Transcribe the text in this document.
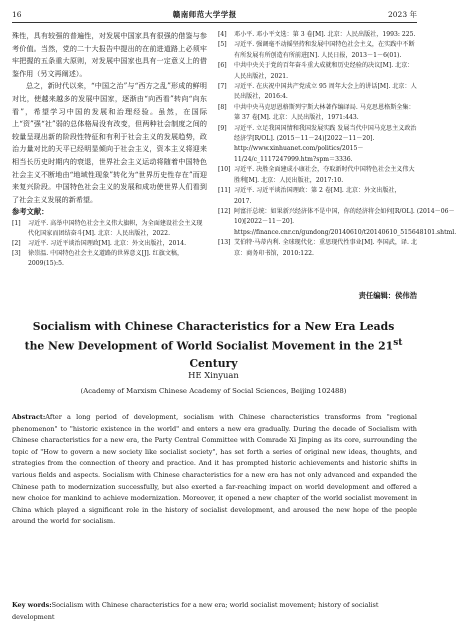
16	赣南师范大学学报	2023 年

殊性，具有较强的普遍性，对发展中国家具有很强的借鉴与参考价值。当然，党的二十大报告中提出的在前进道路上必须牢牢把握的五条重大原则，对发展中国家也具有一定意义上的借鉴作用（另文再阐述）。

总之，新时代以来，“中国之治”与“西方之乱”形成的鲜明对比，使越来越多的发展中国家，逐渐由“向西看”转向“向东看”，希望学习中国的发展和治理经验。虽然，在国际上“资”强“社”弱的总体格局没有改变，但两种社会制度之间的较量呈现出新的阶段性特征和有利于社会主义的发展趋势，政治力量对比的天平已经明显倾向于社会主义，资本主义将迎来相当长历史时期内的衰退，世界社会主义运动将随着中国特色社会主义不断地由“地域性现象”转化为“世界历史性存在”而迎来复兴阶段。中国特色社会主义的发展和成功使世界人们看到了社会主义发展的新希望。

参考文献：

[1]	习近平. 高举中国特色社会主义伟大旗帜，为全面建设社会主义现代化国家而团结奋斗[M]. 北京：人民出版社，2022.
[2]	习近平. 习近平谈治国理政[M]. 北京：外文出版社，2014.
[3]	徐崇温. 中国特色社会主义道路的世界意义[J]. 红旗文稿，2009(15):5.
[4]	邓小平. 邓小平文选：第 3 卷[M]. 北京：人民出版社，1993: 225.
[5]	习近平. 强调毫不动摇坚持和发展中国特色社会主义，在实践中不断有所发展有所创造有所前进[N]. 人民日报，2013－1－6(01).
[6]	中共中央关于党的百年奋斗重大成就和历史经验的决议[M]. 北京：人民出版社，2021.
[7]	习近平. 在庆祝中国共产党成立 95 周年大会上的讲话[M]. 北京：人民出版社，2016:4.
[8]	中共中央马克思恩格斯列宁斯大林著作编译局. 马克思恩格斯全集：第 37 卷[M]. 北京：人民出版社，1971:443.
[9]	习近平. 立足我国国情和我国发展实践 发展当代中国马克思主义政治经济学[R/OL]. (2015－11－24)[2022－11－20]. http://www.xinhuanet.com/politics/2015－11/24/c_1117247999.htm?spm＝3336.
[10] 习近平. 决胜全面建成小康社会，夺取新时代中国特色社会主义伟大胜利[M]. 北京：人民出版社，2017:10.
[11] 习近平. 习近平谈治国理政：第 2 卷[M]. 北京：外文出版社，2017.
[12] 阿富汗总统：如果新兴经济体不是中国，你的经济将会如何[R/OL]. (2014－06－10)[2022－11－20]. https://finance.cnr.cn/gundong/20140610/t20140610_515648101.shtml.
[13] 艾伯特·马蒂内利. 全球现代化：重思现代性事业[M]. 李国武，译. 北京：商务印书馆，2010:122.
责任编辑：侯伟浩
Socialism with Chinese Characteristics for a New Era Leads
the New Development of World Socialist Movement in the 21st Century
HE Xinyuan
(Academy of Marxism Chinese Academy of Social Sciences, Beijing 102488)

Abstract:After a long period of development, socialism with Chinese characteristics transforms from "regional phenomenon" to "historic existence in the world" and enters a new era gradually. During the decade of Socialism with Chinese characteristics for a new era, the Party Central Committee with Comrade Xi Jinping as its core, surrounding the topic of "How to govern a new society like socialist society", has set forth a series of original new ideas, thoughts, and strategies from the connection of theory and practice. And it has prompted historic achievements and historic shifts in various fields and aspects. Socialism with Chinese characteristics for a new era has not only advanced and expanded the Chinese path to modernization successfully, but also exerted a far-reaching impact on world development and offered a new choice for mankind to achieve modernization. Moreover, it opened a new chapter of the world socialist movement in China which played a significant role in the history of socialist development, and aroused the new hope of the people around the world for socialism.

Key words:Socialism with Chinese characteristics for a new era; world socialist movement; history of socialist development
